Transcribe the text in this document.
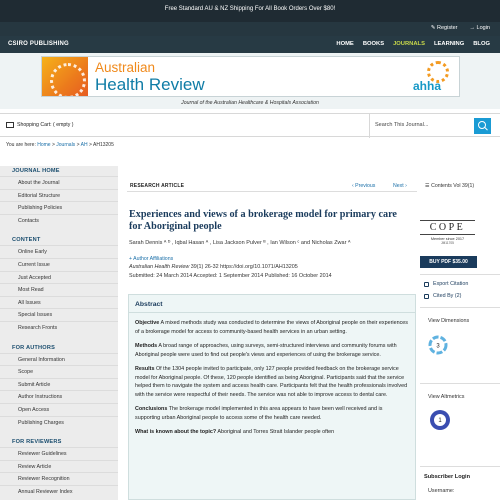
Free Standard AU & NZ Shipping For All Book Orders Over $80!
✎ Register → Login
CSIRO PUBLISHING	HOME BOOKS JOURNALS LEARNING BLOG
Australian
Health Review	ahha
Journal of the Australian Healthcare & Hospitals Association
Shopping Cart: ( empty )	Search This Journal...
You are here: Home > Journals > AH > AH13205
JOURNAL HOME
About the Journal
Editorial Structure
Publishing Policies
Contacts
CONTENT
Online Early
Current Issue
Just Accepted
Most Read
All Issues
Special Issues
Research Fronts
FOR AUTHORS
General Information
Scope
Submit Article
Author Instructions
Open Access
Publishing Charges
FOR REVIEWERS
Reviewer Guidelines
Review Article
Reviewer Recognition
Annual Reviewer Index
RESEARCH ARTICLE	‹ Previous	Next ›	☰ Contents Vol 39(1)
Experiences and views of a brokerage model for primary care for Aboriginal people
Sarah Dennis ᴬ ᴰ , Iqbal Hasan ᴬ , Lisa Jackson Pulver ᴮ , Ian Wilson ᶜ and Nicholas Zwar ᴬ
+ Author Affiliations
Australian Health Review 39(1) 26-32 https://doi.org/10.1071/AH13205
Submitted: 24 March 2014 Accepted: 1 September 2014 Published: 16 October 2014
Abstract
Objective A mixed methods study was conducted to determine the views of Aboriginal people on their experiences of a brokerage model for access to community-based health services in an urban setting.
Methods A broad range of approaches, using surveys, semi-structured interviews and community forums with Aboriginal people were used to find out people's views and experiences of using the brokerage service.
Results Of the 1304 people invited to participate, only 127 people provided feedback on the brokerage service model for Aboriginal people. Of these, 120 people identified as being Aboriginal. Participants said that the service helped them to navigate the system and access health care. Participants felt that the health professionals involved with the service were respectful of their needs. The service was not able to improve access to dental care.
Conclusions The brokerage model implemented in this area appears to have been well received and is supporting urban Aboriginal people to access some of the health care needed.
What is known about the topic? Aboriginal and Torres Strait Islander people often
COPE
Member since 2017
JM11705
BUY PDF $35.00
Export Citation
Cited By (2)
View Dimensions
3
View Altmetrics
1
Subscriber Login
Username:
